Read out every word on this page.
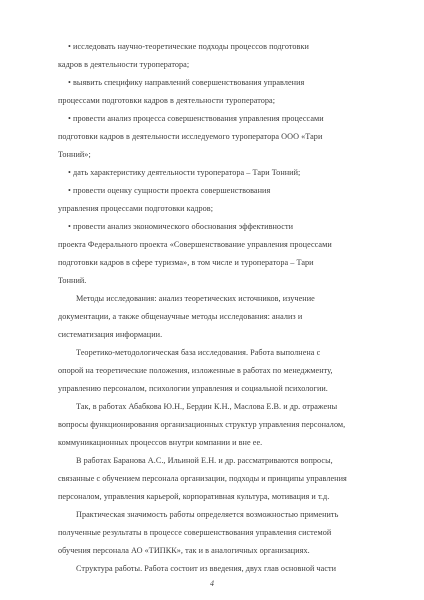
• исследовать научно-теоретические подходы процессов подготовки
кадров в деятельности туроператора;
• выявить специфику направлений совершенствования управления
процессами подготовки кадров в деятельности туроператора;
• провести анализ процесса совершенствования управления процессами
подготовки кадров в деятельности исследуемого туроператора ООО «Тари
Тонний»;
• дать характеристику деятельности туроператора – Тари Тонний;
• провести оценку сущности проекта совершенствования
управления процессами подготовки кадров;
• провести анализ экономического обоснования эффективности
проекта Федерального проекта «Совершенствование управления процессами
подготовки кадров в сфере туризма», в том числе и туроператора – Тари
Тонний.
Методы исследования: анализ теоретических источников, изучение
документации, а также общенаучные методы исследования: анализ и
систематизация информации.
Теоретико-методологическая база исследования. Работа выполнена с
опорой на теоретические положения, изложенные в работах по менеджменту,
управлению персоналом, психологии управления и социальной психологии.
Так, в работах Абабкова Ю.Н., Бердин К.Н., Маслова Е.В. и др. отражены
вопросы функционирования организационных структур управления персоналом,
коммуникационных процессов внутри компании и вне ее.
В работах Баранова А.С., Ильиной Е.Н. и др. рассматриваются вопросы,
связанные с обучением персонала организации, подходы и принципы управления
персоналом, управления карьерой, корпоративная культура, мотивация и т.д.
Практическая значимость работы определяется возможностью применить
полученные результаты в процессе совершенствования управления системой
обучения персонала АО «ТИПКК», так и в аналогичных организациях.
Структура работы. Работа состоит из введения, двух глав основной части
4
